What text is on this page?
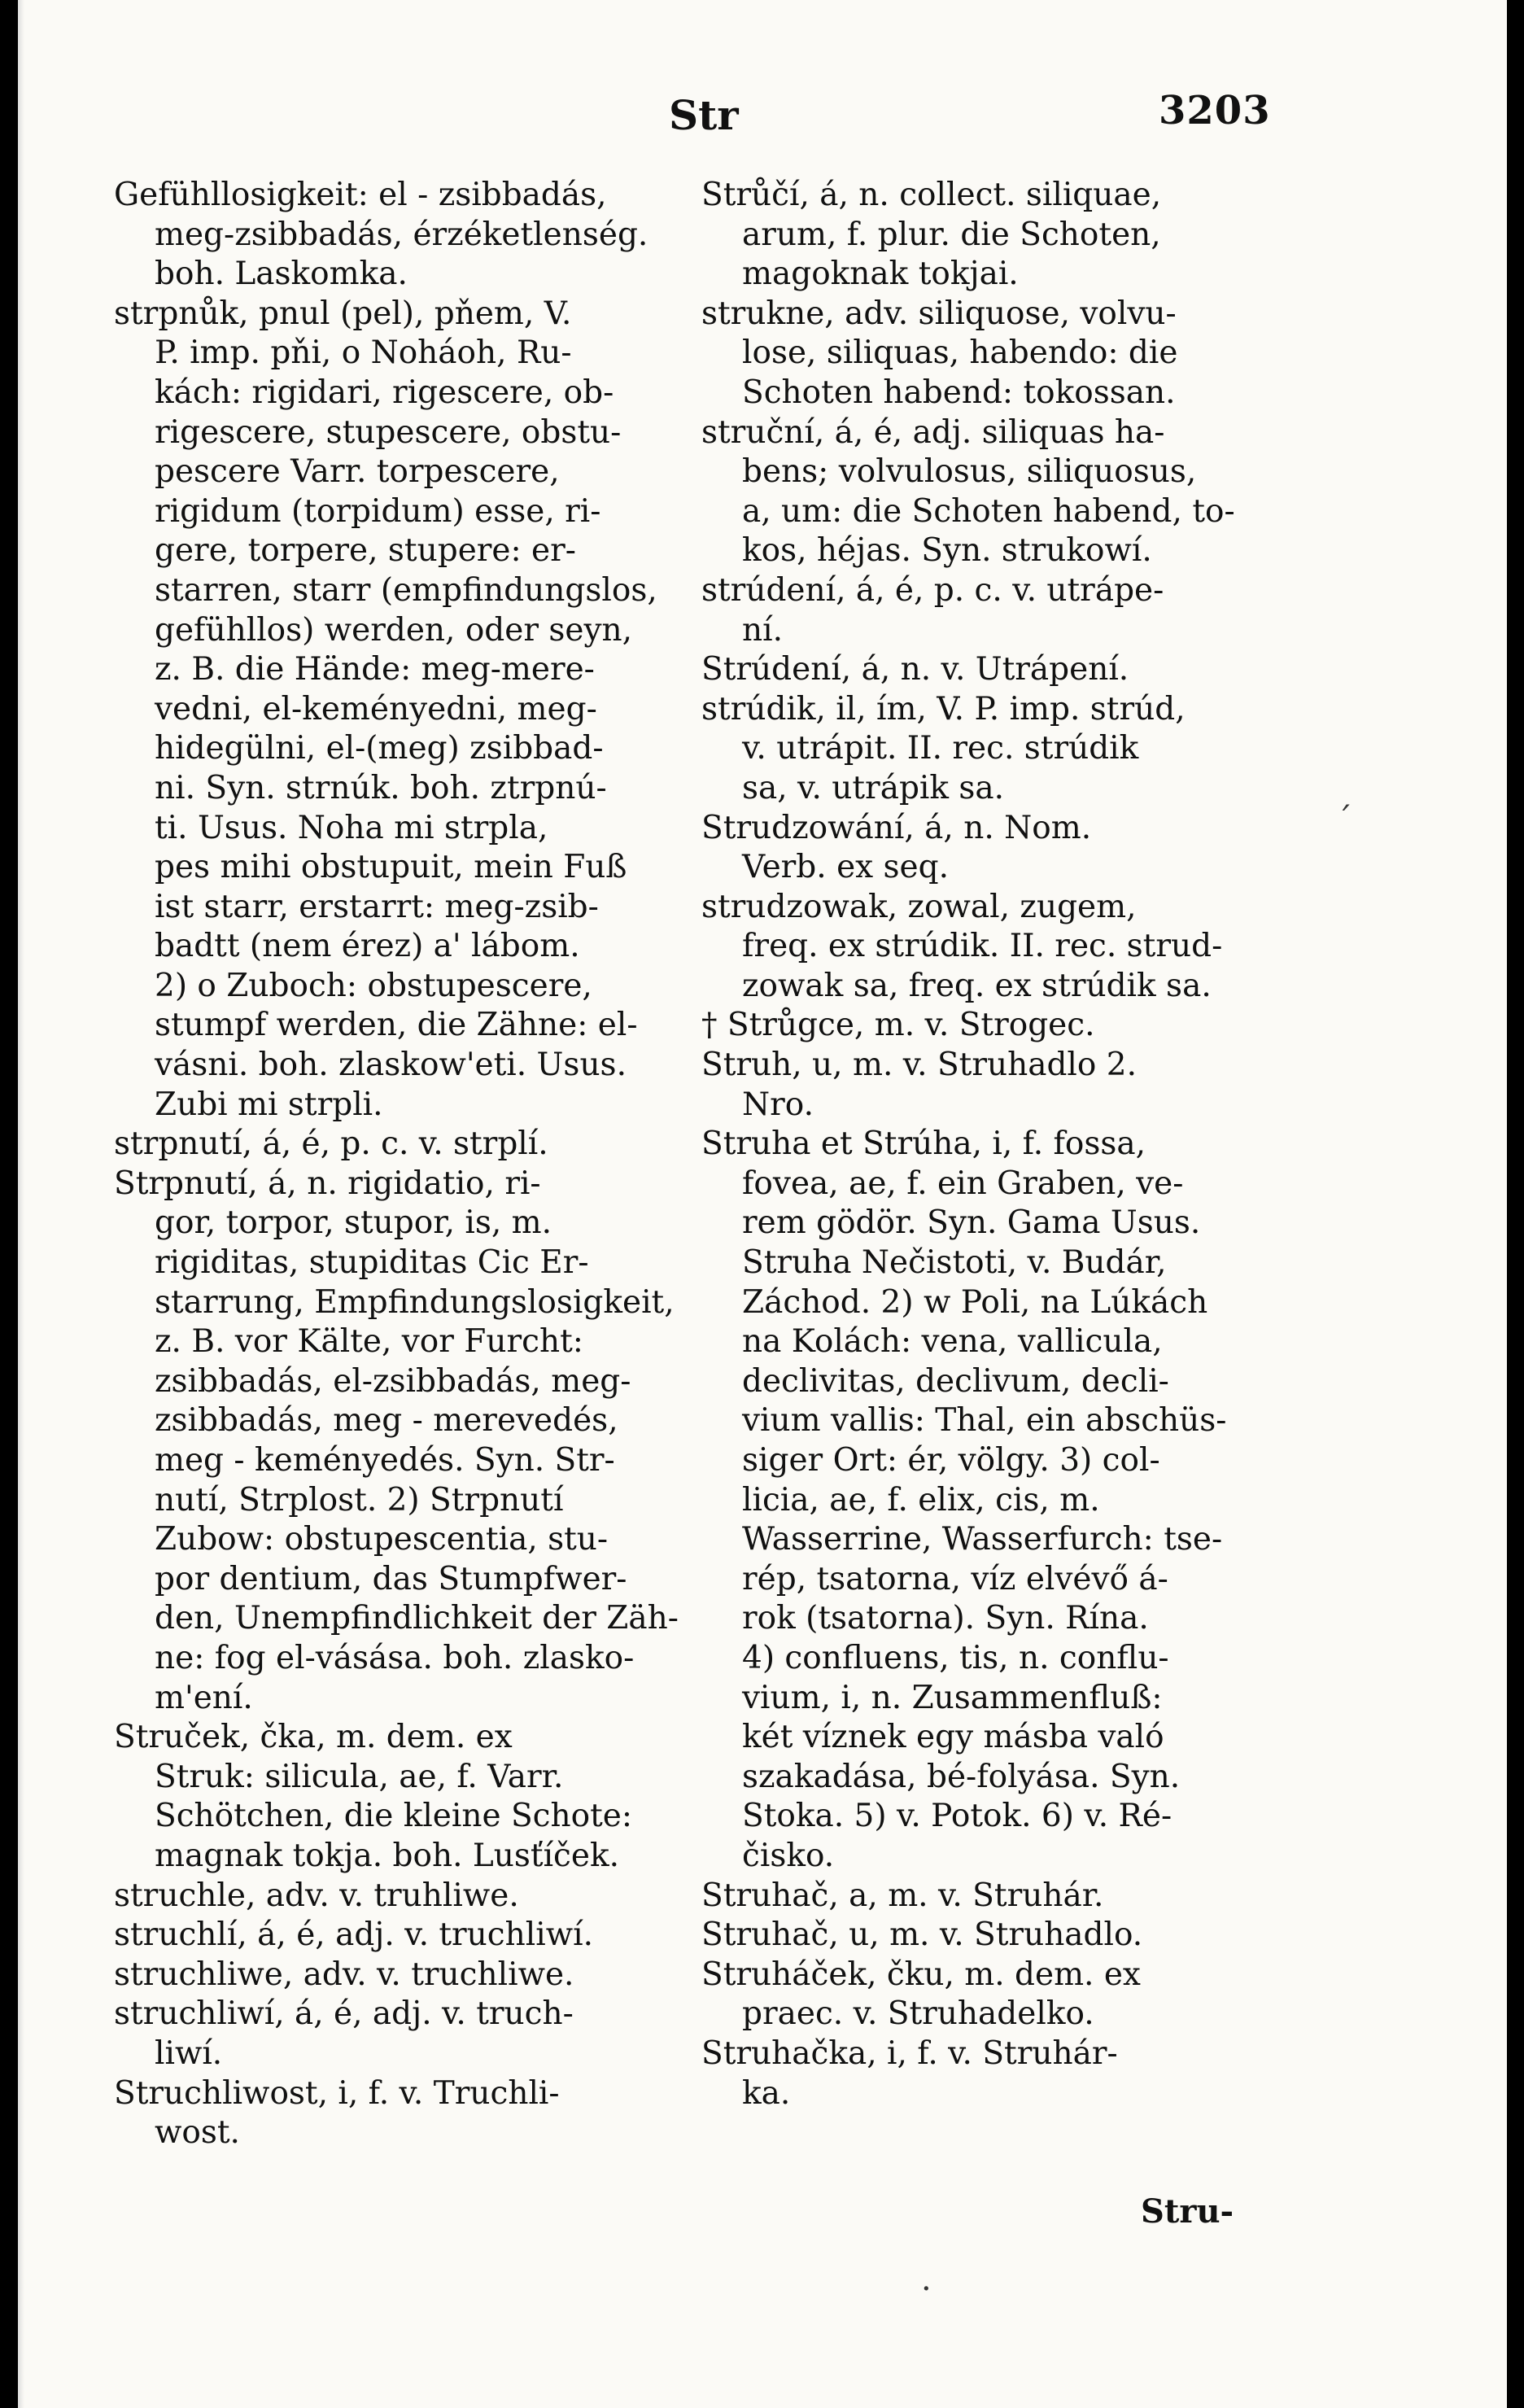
Str	3203
Gefühllosigkeit: el - zsibbadás,
meg-zsibbadás, érzéketlenség.
boh. Laskomka.
strpnůk, pnul (pel), pňem, V.
P. imp. pňi, o Noháoh, Ru-
kách: rigidari, rigescere, ob-
rigescere, stupescere, obstu-
pescere Varr. torpescere,
rigidum (torpidum) esse, ri-
gere, torpere, stupere: er-
starren, starr (empfindungslos,
gefühllos) werden, oder seyn,
z. B. die Hände: meg-mere-
vedni, el-keményedni, meg-
hidegülni, el-(meg) zsibbad-
ni. Syn. strnúk. boh. ztrpnú-
ti. Usus. Noha mi strpla,
pes mihi obstupuit, mein Fuß
ist starr, erstarrt: meg-zsib-
badtt (nem érez) a' lábom.
2) o Zuboch: obstupescere,
stumpf werden, die Zähne: el-
vásni. boh. zlaskow'eti. Usus.
Zubi mi strpli.
strpnutí, á, é, p. c. v. strplí.
Strpnutí, á, n. rigidatio, ri-
gor, torpor, stupor, is, m.
rigiditas, stupiditas Cic Er-
starrung, Empfindungslosigkeit,
z. B. vor Kälte, vor Furcht:
zsibbadás, el-zsibbadás, meg-
zsibbadás, meg - merevedés,
meg - keményedés. Syn. Str-
nutí, Strplost. 2) Strpnutí
Zubow: obstupescentia, stu-
por dentium, das Stumpfwer-
den, Unempfindlichkeit der Zäh-
ne: fog el-vásása. boh. zlasko-
m'ení.
Struček, čka, m. dem. ex
Struk: silicula, ae, f. Varr.
Schötchen, die kleine Schote:
magnak tokja. boh. Lusťíček.
struchle, adv. v. truhliwe.
struchlí, á, é, adj. v. truchliwí.
struchliwe, adv. v. truchliwe.
struchliwí, á, é, adj. v. truch-
liwí.
Struchliwost, i, f. v. Truchli-
wost.
Strůčí, á, n. collect. siliquae,
arum, f. plur. die Schoten,
magoknak tokjai.
strukne, adv. siliquose, volvu-
lose, siliquas, habendo: die
Schoten habend: tokossan.
struční, á, é, adj. siliquas ha-
bens; volvulosus, siliquosus,
a, um: die Schoten habend, to-
kos, héjas. Syn. strukowí.
strúdení, á, é, p. c. v. utrápe-
ní.
Strúdení, á, n. v. Utrápení.
strúdik, il, ím, V. P. imp. strúd,
v. utrápit. II. rec. strúdik
sa, v. utrápik sa.
Strudzowání, á, n. Nom.
Verb. ex seq.
strudzowak, zowal, zugem,
freq. ex strúdik. II. rec. strud-
zowak sa, freq. ex strúdik sa.
† Strůgce, m. v. Strogec.
Struh, u, m. v. Struhadlo 2.
Nro.
Struha et Strúha, i, f. fossa,
fovea, ae, f. ein Graben, ve-
rem gödör. Syn. Gama Usus.
Struha Nečistoti, v. Budár,
Záchod. 2) w Poli, na Lúkách
na Kolách: vena, vallicula,
declivitas, declivum, decli-
vium vallis: Thal, ein abschüs-
siger Ort: ér, völgy. 3) col-
licia, ae, f. elix, cis, m.
Wasserrine, Wasserfurch: tse-
rép, tsatorna, víz elvévő á-
rok (tsatorna). Syn. Rína.
4) confluens, tis, n. conflu-
vium, i, n. Zusammenfluß:
két víznek egy másba való
szakadása, bé-folyása. Syn.
Stoka. 5) v. Potok. 6) v. Ré-
čisko.
Struhač, a, m. v. Struhár.
Struhač, u, m. v. Struhadlo.
Struháček, čku, m. dem. ex
praec. v. Struhadelko.
Struhačka, i, f. v. Struhár-
ka.
Stru-
ˊ
·
